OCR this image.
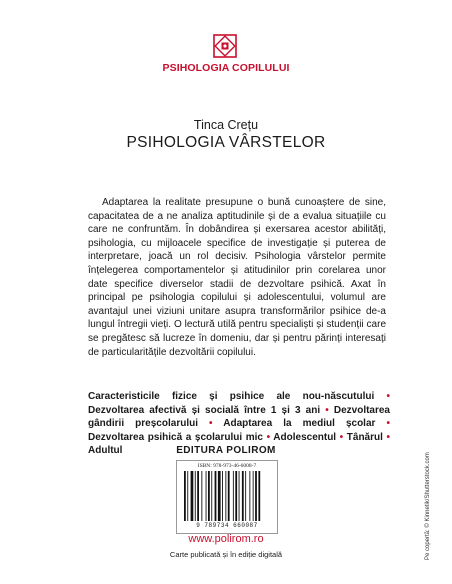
PSIHOLOGIA COPILULUI
Tinca Crețu
PSIHOLOGIA VÂRSTELOR

Adaptarea la realitate presupune o bună cunoaștere de sine, capacitatea de a ne analiza aptitudinile și de a evalua situațiile cu care ne confruntăm. În dobândirea și exersarea acestor abilități, psihologia, cu mijloacele specifice de investigație și puterea de interpretare, joacă un rol decisiv. Psihologia vârstelor permite înțelegerea comportamentelor și atitudinilor prin corelarea unor date specifice diverselor stadii de dezvoltare psihică. Axat în principal pe psihologia copilului și adolescentului, volumul are avantajul unei viziuni unitare asupra transformărilor psihice de-a lungul întregii vieți. O lectură utilă pentru specialiști și studenții care se pregătesc să lucreze în domeniu, dar și pentru părinți interesați de particularitățile dezvoltării copilului.

Caracteristicile fizice și psihice ale nou-născutului • Dezvoltarea afectivă și socială între 1 și 3 ani • Dezvoltarea gândirii preșcolarului • Adaptarea la mediul școlar • Dezvoltarea psihică a școlarului mic • Adolescentul • Tânărul • Adultul	EDITURA POLIROM
ISBN: 978-973-46-6008-7
9 789734 660087
www.polirom.ro
Carte publicată și în ediție digitală	Pe copertă: © Kinnetik/Shutterstock.com
